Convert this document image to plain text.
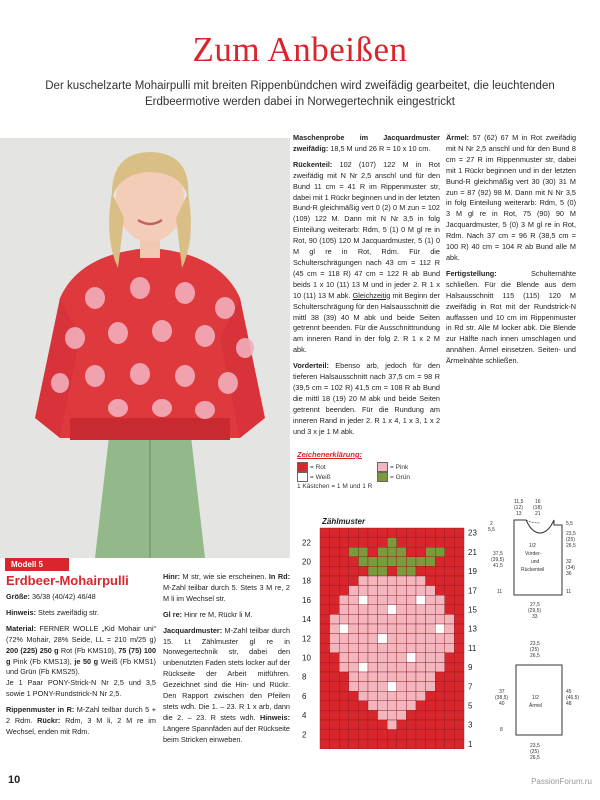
Zum Anbeißen
Der kuschelzarte Mohairpulli mit breiten Rippenbündchen wird zweifädig gearbeitet, die leuchtenden Erdbeermotive werden dabei in Norwegertechnik eingestrickt

Maschenprobe im Jacquardmuster zweifädig: 18,5 M und 26 R = 10 x 10 cm.

Rückenteil: 102 (107) 122 M in Rot zweifädig mit N Nr 2,5 anschl und für den Bund 11 cm = 41 R im Rippenmuster str, dabei mit 1 Rückr beginnen und in der letzten Bund-R gleichmäßig vert 0 (2) 0 M zun = 102 (109) 122 M. Dann mit N Nr 3,5 in folg Einteilung weiterarb: Rdm, 5 (1) 0 M gl re in Rot, 90 (105) 120 M Jacquardmuster, 5 (1) 0 M gl re in Rot, Rdm. Für die Schulterschrägungen nach 43 cm = 112 R (45 cm = 118 R) 47 cm = 122 R ab Bund beids 1 x 10 (11) 13 M und in jeder 2. R 1 x 10 (11) 13 M abk. Gleichzeitig mit Beginn der Schulterschrägung für den Halsausschnitt die mittl 38 (39) 40 M abk und beide Seiten getrennt beenden. Für die Ausschnittrundung am inneren Rand in der folg 2. R 1 x 2 M abk.

Vorderteil: Ebenso arb, jedoch für den tieferen Halsausschnitt nach 37,5 cm = 98 R (39,5 cm = 102 R) 41,5 cm = 108 R ab Bund die mittl 18 (19) 20 M abk und beide Seiten getrennt beenden. Für die Rundung am inneren Rand in jeder 2. R 1 x 4, 1 x 3, 1 x 2 und 3 x je 1 M abk.

Ärmel: 57 (62) 67 M in Rot zweifädig mit N Nr 2,5 anschl und für den Bund 8 cm = 27 R im Rippenmuster str, dabei mit 1 Rückr beginnen und in der letzten Bund-R gleichmäßig vert 30 (30) 31 M zun = 87 (92) 98 M. Dann mit N Nr 3,5 in folg Einteilung weiterarb: Rdm, 5 (0) 3 M gl re in Rot, 75 (90) 90 M Jacquardmuster, 5 (0) 3 M gl re in Rot, Rdm. Nach 37 cm = 96 R (38,5 cm = 100 R) 40 cm = 104 R ab Bund alle M abk.

Fertigstellung:	Schulternähte schließen. Für die Blende aus dem Halsausschnitt 115 (115) 120 M zweifädig in Rot mit der Rundstrick-N auffassen und 10 cm im Rippenmuster in Rd str. Alle M locker abk. Die Blende zur Hälfte nach innen umschlagen und annähen. Ärmel einsetzen. Seiten- und Ärmelnähte schließen.

Modell 5

Größe: 36/38 (40/42) 46/48

Hinweis: Stets zweifädig str.

Material: FERNER WOLLE „Kid Mohair uni“ (72% Mohair, 28% Seide, LL = 210 m/25 g) 200 (225) 250 g Rot (Fb KMS10), 75 (75) 100 g Pink (Fb KMS13), je 50 g Weiß (Fb KMS1) und Grün (Fb KMS25).
Je 1 Paar PONY-Strick-N Nr 2,5 und 3,5 sowie 1 PONY-Rundstrick-N Nr 2,5.

Rippenmuster in R: M-Zahl teilbar durch 5 + 2 Rdm. Rückr: Rdm, 3 M li, 2 M re im Wechsel, enden mit Rdm.

Erdbeer-Mohairpulli	Hinr: M str, wie sie erscheinen. In Rd: M-Zahl teilbar durch 5. Stets 3 M re, 2 M li im Wechsel str.

Gl re: Hinr re M, Rückr li M.

Jacquardmuster: M-Zahl teilbar durch 15. Lt Zählmuster gl re in Norwegertechnik str, dabei den unbenutzten Faden stets locker auf der Rückseite der Arbeit mitführen. Gezeichnet sind die Hin- und Rückr. Den Rapport zwischen den Pfeilen stets wdh. Die 1. – 23. R 1 x arb, dann die 2. – 23. R stets wdh. Hinweis: Längere Spannfäden auf der Rückseite beim Stricken einweben.

Zeichenerklärung:
= Rot	= Pink
= Weiß	= Grün
1 Kästchen = 1 M und 1 R
Zählmuster
1
2
3
4
5
6
7
8
9
10
11
12
13
14
15
16
17
18
19
20
21
22
23
1/2
Vorder-
und
Rückenteil
11,5
(12)
13
16
(18)
21
2
5,5
37,5
(39,5)
41,5
11
5,5
23,5
(25)
26,5
32
(34)
36
11
27,5
(29,5)
33
23,5
(25)
26,5
1/2
Ärmel
37
(38,5)
40
45
(46,5)
48
8
23,5
(25)
26,5
10	PassionForum.ru
